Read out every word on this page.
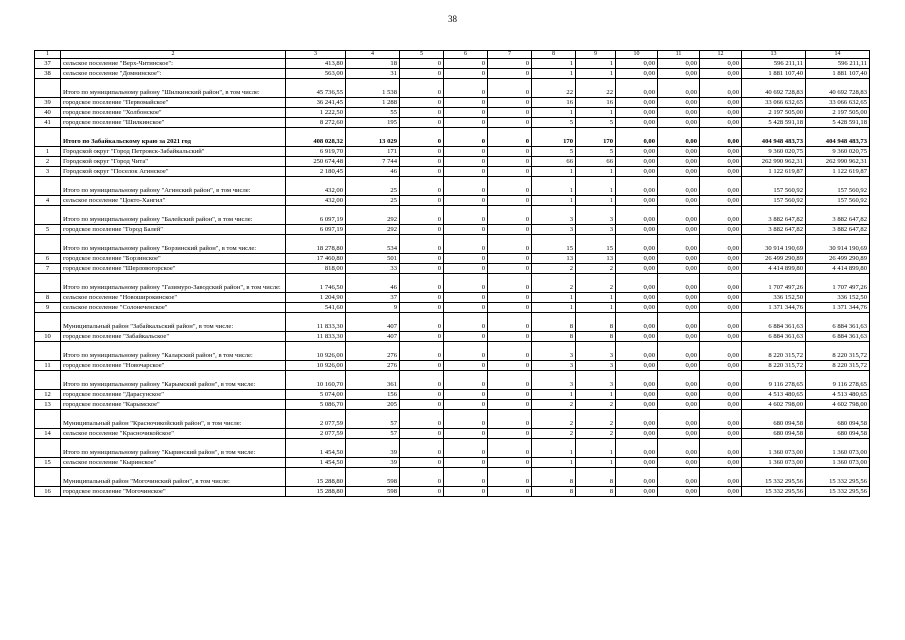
38
1	2	3	4	5	6	7	8	9	10	11	12	13	14
37	сельское поселение "Верх-Читинское":	413,80	18	0	0	0	1	1	0,00	0,00	0,00	596 211,11	596 211,11
38	сельское поселение "Домнинское":	563,00	31	0	0	0	1	1	0,00	0,00	0,00	1 881 107,40	1 881 107,40
	Итого по муниципальному району "Шилкинский район", в том числе:	45 736,55	1 538	0	0	0	22	22	0,00	0,00	0,00	40 692 728,83	40 692 728,83
39	городское поселение "Первомайское"	36 241,45	1 288	0	0	0	16	16	0,00	0,00	0,00	33 066 632,65	33 066 632,65
40	городское поселение "Холбонское"	1 222,50	55	0	0	0	1	1	0,00	0,00	0,00	2 197 505,00	2 197 505,00
41	городское поселение "Шилкинское"	8 272,60	195	0	0	0	5	5	0,00	0,00	0,00	5 428 591,18	5 428 591,18
	Итого по Забайкальскому краю за 2021 год	408 028,32	13 029	0	0	0	170	170	0,00	0,00	0,00	404 948 483,73	404 948 483,73
1	Городской округ "Город Петровск-Забайкальский"	6 919,70	171	0	0	0	5	5	0,00	0,00	0,00	9 360 020,75	9 360 020,75
2	Городской округ "Город Чита"	250 674,48	7 744	0	0	0	66	66	0,00	0,00	0,00	262 990 962,31	262 990 962,31
3	Городской округ "Поселок Агинское"	2 180,45	46	0	0	0	1	1	0,00	0,00	0,00	1 122 619,87	1 122 619,87
	Итого по муниципальному району "Агинский район", в том числе:	432,00	25	0	0	0	1	1	0,00	0,00	0,00	157 560,92	157 560,92
4	сельское поселение "Цокто-Хангил"	432,00	25	0	0	0	1	1	0,00	0,00	0,00	157 560,92	157 560,92
	Итого по муниципальному району "Балейский район", в том числе:	6 097,19	292	0	0	0	3	3	0,00	0,00	0,00	3 882 647,82	3 882 647,82
5	городское поселение "Город Балей"	6 097,19	292	0	0	0	3	3	0,00	0,00	0,00	3 882 647,82	3 882 647,82
	Итого по муниципальному району "Борзинский район", в том числе:	18 278,80	534	0	0	0	15	15	0,00	0,00	0,00	30 914 190,69	30 914 190,69
6	городское поселение "Борзинское"	17 460,80	501	0	0	0	13	13	0,00	0,00	0,00	26 499 290,89	26 499 290,89
7	городское поселение "Шерловогорское"	818,00	33	0	0	0	2	2	0,00	0,00	0,00	4 414 899,80	4 414 899,80
	Итого по муниципальному району "Газимуро-Заводский район", в том числе:	1 746,50	46	0	0	0	2	2	0,00	0,00	0,00	1 707 497,26	1 707 497,26
8	сельское поселение "Новоширокинское"	1 204,90	37	0	0	0	1	1	0,00	0,00	0,00	336 152,50	336 152,50
9	сельское поселение "Солонеченское"	541,60	9	0	0	0	1	1	0,00	0,00	0,00	1 371 344,76	1 371 344,76
	Муниципальный район "Забайкальский район", в том числе:	11 833,30	407	0	0	0	8	8	0,00	0,00	0,00	6 884 361,63	6 884 361,63
10	городское поселение "Забайкальское"	11 833,30	407	0	0	0	8	8	0,00	0,00	0,00	6 884 361,63	6 884 361,63
	Итого по муниципальному району "Каларский район", в том числе:	10 926,00	276	0	0	0	3	3	0,00	0,00	0,00	8 220 315,72	8 220 315,72
11	городское поселение "Новочарское"	10 926,00	276	0	0	0	3	3	0,00	0,00	0,00	8 220 315,72	8 220 315,72
	Итого по муниципальному району "Карымский район", в том числе:	10 160,70	361	0	0	0	3	3	0,00	0,00	0,00	9 116 278,65	9 116 278,65
12	городское поселение "Дарасунское"	5 074,00	156	0	0	0	1	1	0,00	0,00	0,00	4 513 480,65	4 513 480,65
13	городское поселение "Карымское"	5 086,70	205	0	0	0	2	2	0,00	0,00	0,00	4 602 798,00	4 602 798,00
	Муниципальный район "Красночикойский район", в том числе:	2 077,59	57	0	0	0	2	2	0,00	0,00	0,00	680 094,58	680 094,58
14	сельское поселение "Красночикойское"	2 077,59	57	0	0	0	2	2	0,00	0,00	0,00	680 094,58	680 094,58
	Итого по муниципальному району "Кыринский район", в том числе:	1 454,50	39	0	0	0	1	1	0,00	0,00	0,00	1 360 073,00	1 360 073,00
15	сельское поселение "Кыринское"	1 454,50	39	0	0	0	1	1	0,00	0,00	0,00	1 360 073,00	1 360 073,00
	Муниципальный район "Могочинский район", в том числе:	15 288,80	598	0	0	0	8	8	0,00	0,00	0,00	15 332 295,56	15 332 295,56
16	городское поселение "Могочинское"	15 288,80	598	0	0	0	8	8	0,00	0,00	0,00	15 332 295,56	15 332 295,56
